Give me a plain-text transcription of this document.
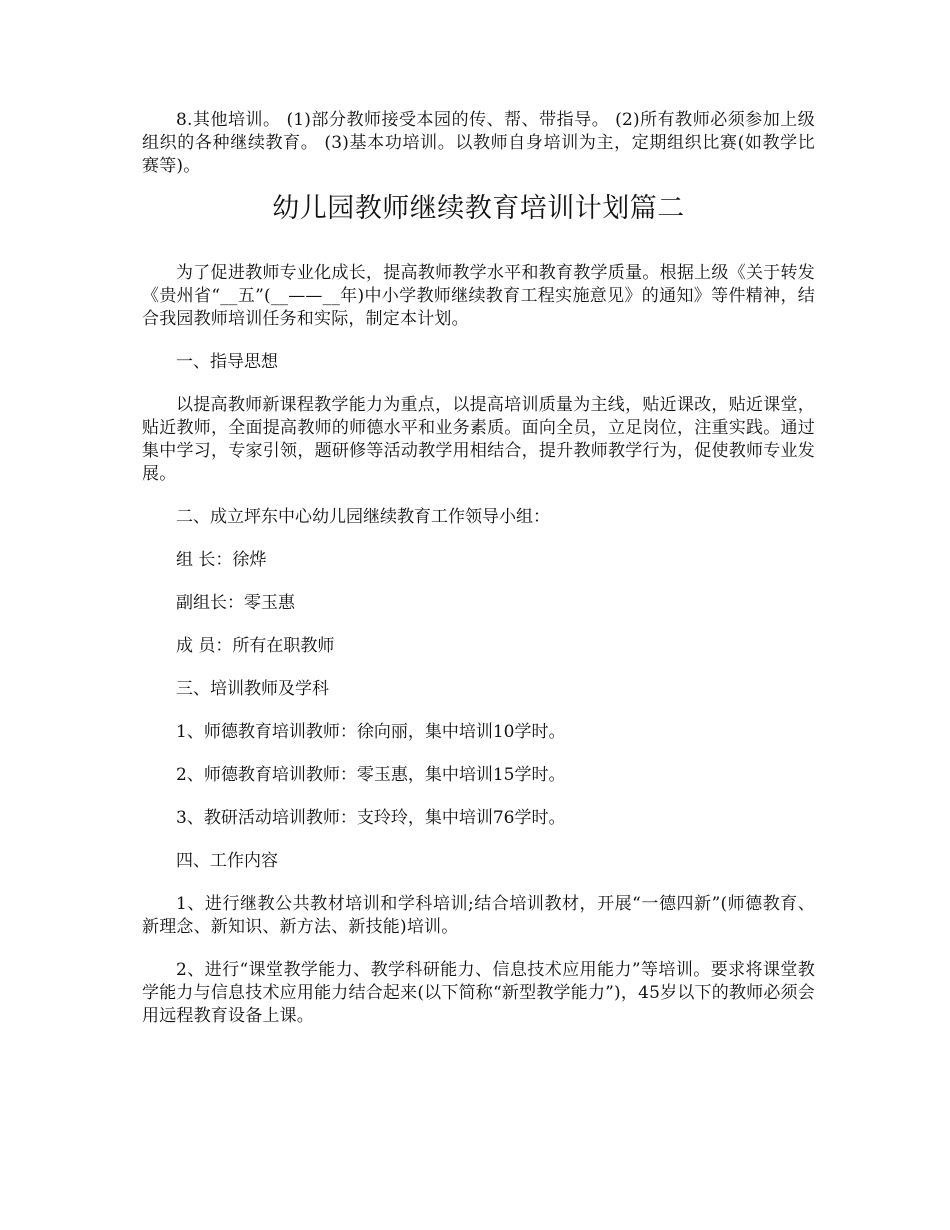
8.其他培训。 (1)部分教师接受本园的传、帮、带指导。 (2)所有教师必须参加上级组织的各种继续教育。 (3)基本功培训。以教师自身培训为主，定期组织比赛(如教学比赛等)。

幼儿园教师继续教育培训计划篇二

为了促进教师专业化成长，提高教师教学水平和教育教学质量。根据上级《关于转发《贵州省“__五”(__——__年)中小学教师继续教育工程实施意见》的通知》等件精神，结合我园教师培训任务和实际，制定本计划。

一、指导思想

以提高教师新课程教学能力为重点，以提高培训质量为主线，贴近课改，贴近课堂，贴近教师，全面提高教师的师德水平和业务素质。面向全员，立足岗位，注重实践。通过集中学习，专家引领，题研修等活动教学用相结合，提升教师教学行为，促使教师专业发展。

二、成立坪东中心幼儿园继续教育工作领导小组：

组 长：徐烨

副组长：零玉惠

成 员：所有在职教师

三、培训教师及学科

1、师德教育培训教师：徐向丽，集中培训10学时。

2、师德教育培训教师：零玉惠，集中培训15学时。

3、教研活动培训教师：支玲玲，集中培训76学时。

四、工作内容

1、进行继教公共教材培训和学科培训;结合培训教材，开展“一德四新”(师德教育、新理念、新知识、新方法、新技能)培训。

2、进行“课堂教学能力、教学科研能力、信息技术应用能力”等培训。要求将课堂教学能力与信息技术应用能力结合起来(以下简称“新型教学能力”)，45岁以下的教师必须会用远程教育设备上课。
